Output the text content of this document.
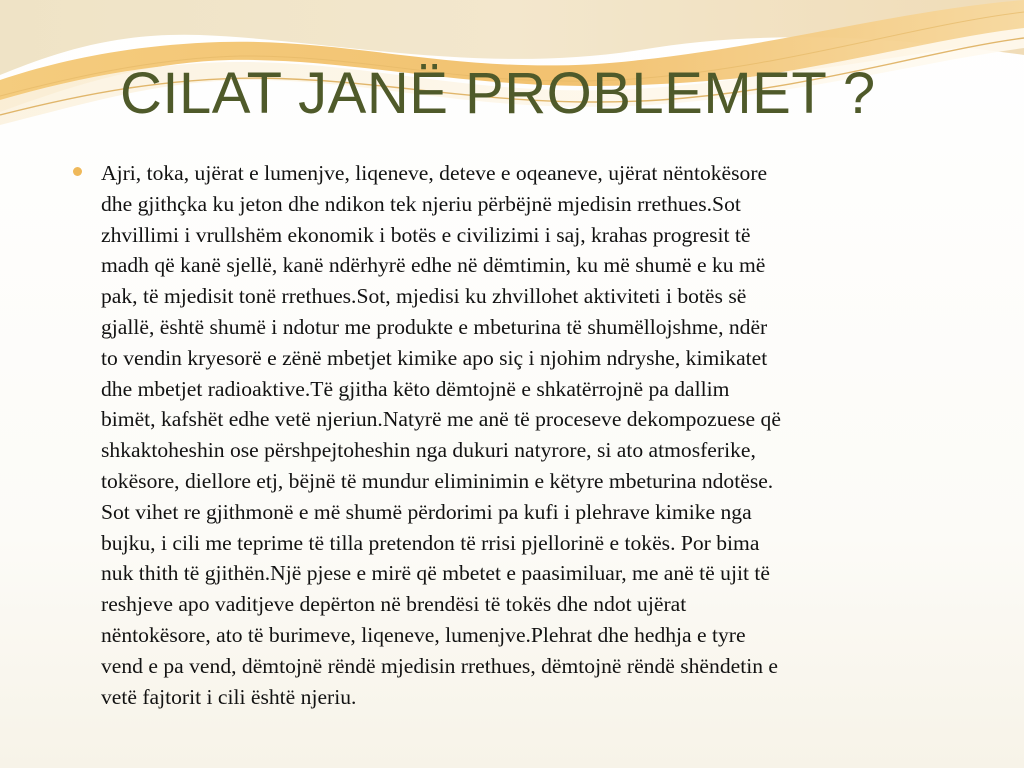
CILAT JANË PROBLEMET ?

Ajri, toka, ujërat e lumenjve, liqeneve, deteve e oqeaneve, ujërat nëntokësore
dhe gjithçka ku jeton dhe ndikon tek njeriu përbëjnë mjedisin rrethues.Sot
zhvillimi i vrullshëm ekonomik i botës e civilizimi i saj, krahas progresit të
madh që kanë sjellë, kanë ndërhyrë edhe në dëmtimin, ku më shumë e ku më
pak, të mjedisit tonë rrethues.Sot, mjedisi ku zhvillohet aktiviteti i botës së
gjallë, është shumë i ndotur me produkte e mbeturina të shumëllojshme, ndër
to vendin kryesorë e zënë mbetjet kimike apo siç i njohim ndryshe, kimikatet
dhe mbetjet radioaktive.Të gjitha këto dëmtojnë e shkatërrojnë pa dallim
bimët, kafshët edhe vetë njeriun.Natyrë me anë të proceseve dekompozuese që
shkaktoheshin ose përshpejtoheshin nga dukuri natyrore, si ato atmosferike,
tokësore, diellore etj, bëjnë të mundur eliminimin e këtyre mbeturina ndotëse.
Sot vihet re gjithmonë e më shumë përdorimi pa kufi i plehrave kimike nga
bujku, i cili me teprime të tilla pretendon të rrisi pjellorinë e tokës. Por bima
nuk thith të gjithën.Një pjese e mirë që mbetet e paasimiluar, me anë të ujit të
reshjeve apo vaditjeve depërton në brendësi të tokës dhe ndot ujërat
nëntokësore, ato të burimeve, liqeneve, lumenjve.Plehrat dhe hedhja e tyre
vend e pa vend, dëmtojnë rëndë mjedisin rrethues, dëmtojnë rëndë shëndetin e
vetë fajtorit i cili është njeriu.
